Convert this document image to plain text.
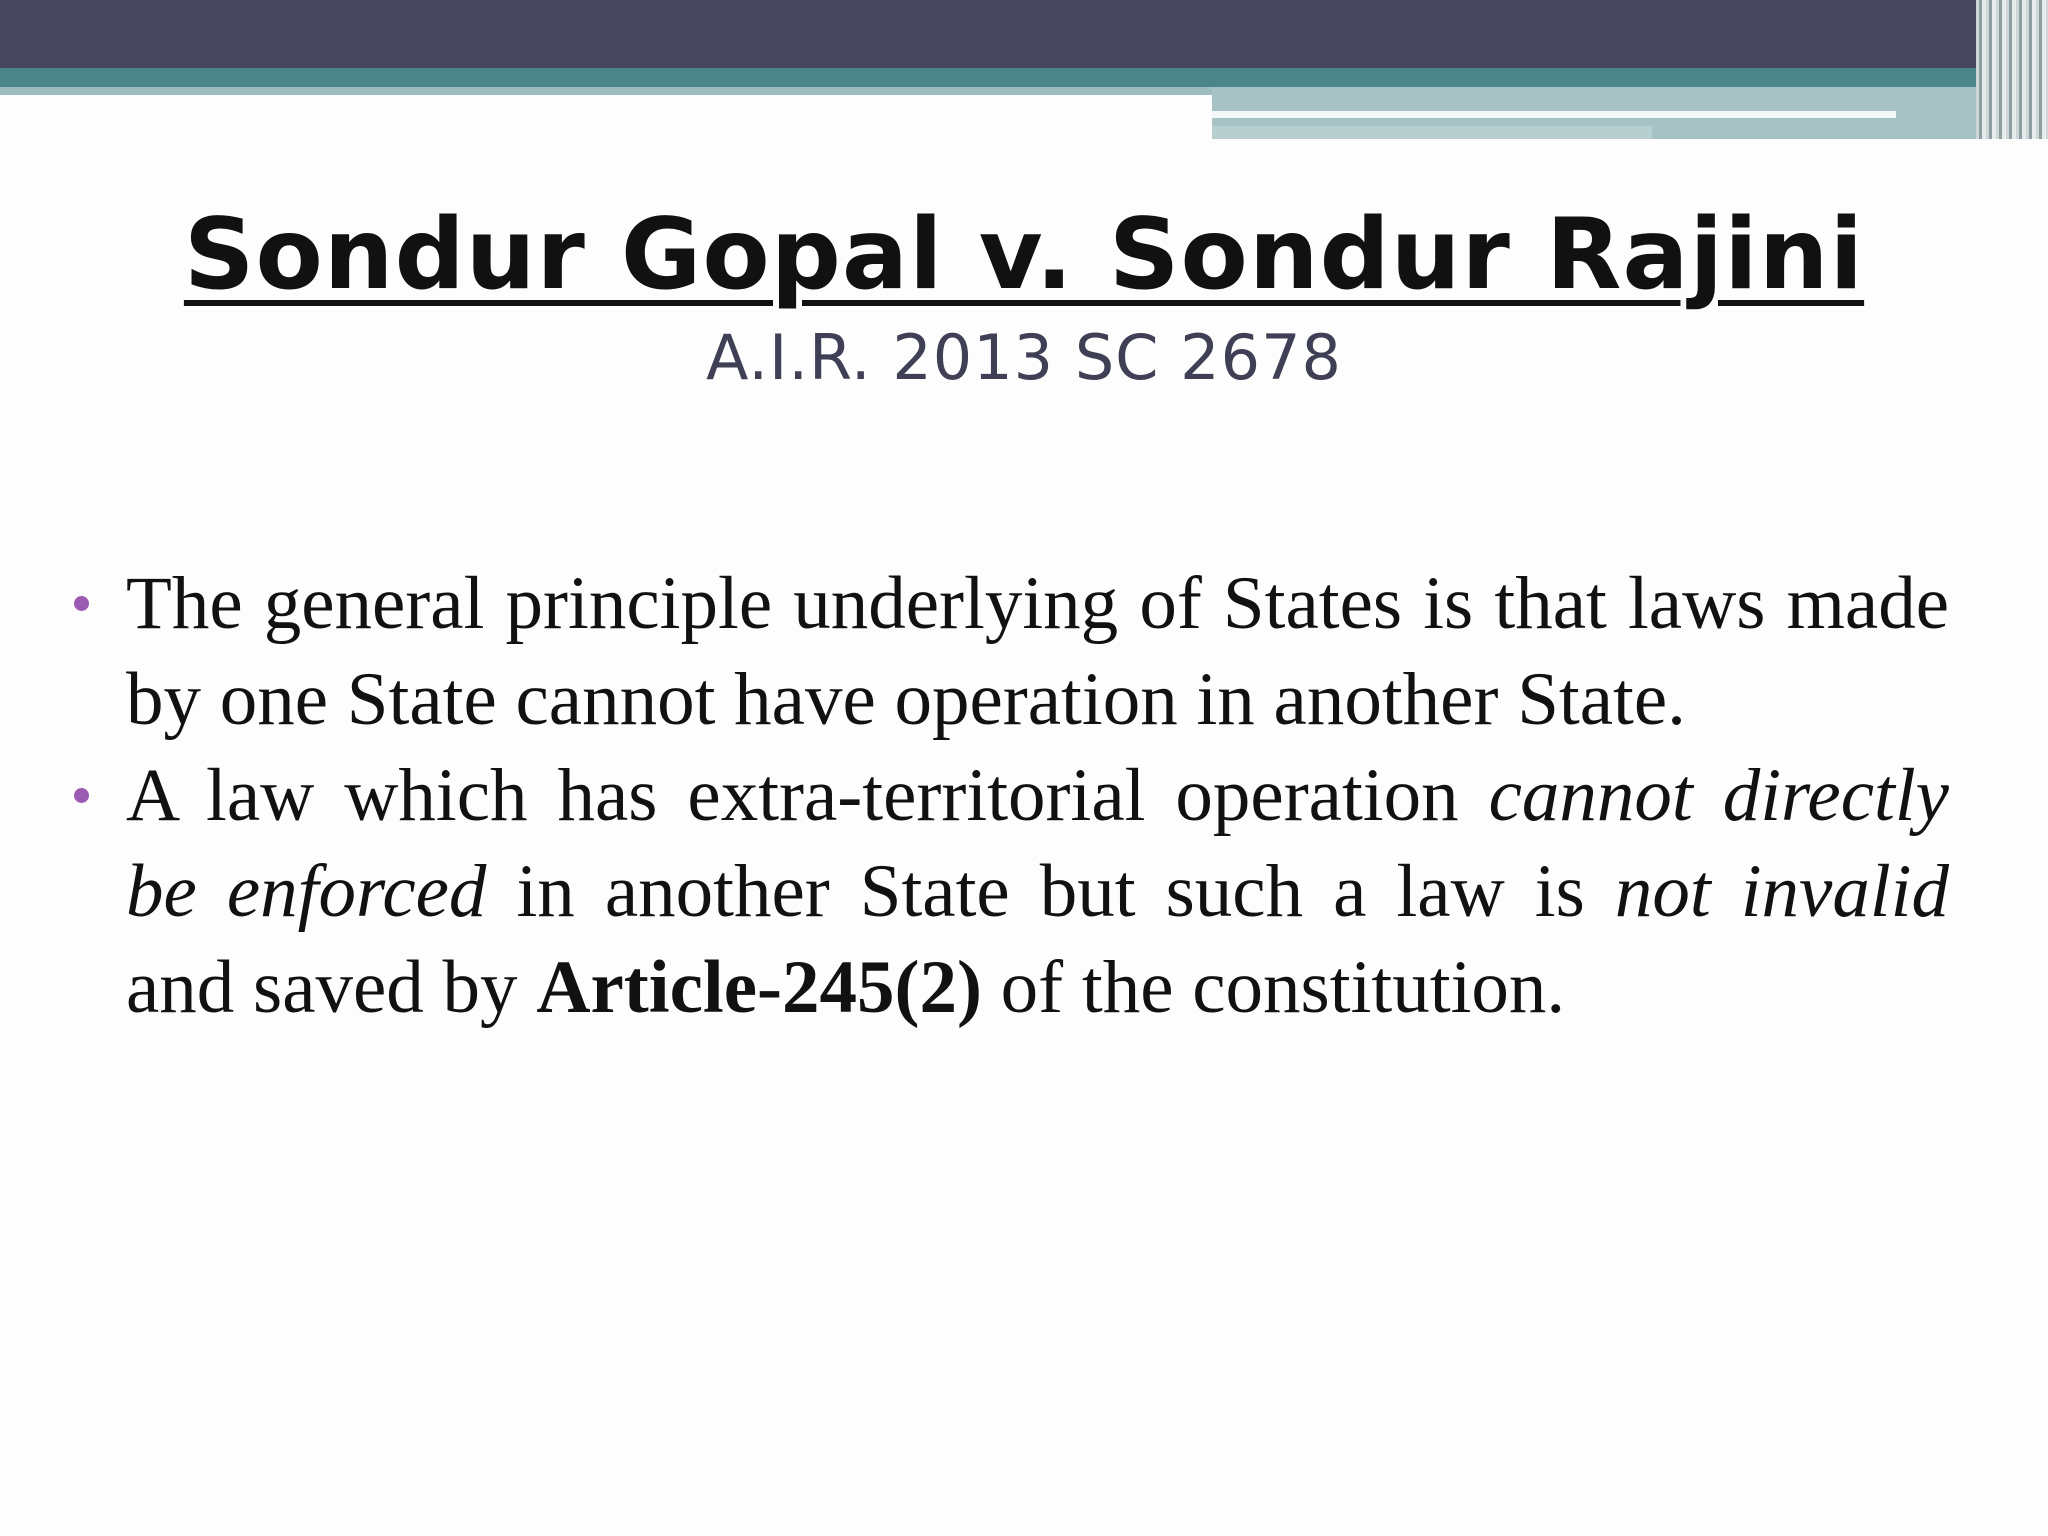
Sondur Gopal v. Sondur Rajini
A.I.R. 2013 SC 2678
The general principle underlying of States is that laws made by one State cannot have operation in another State.
A law which has extra-territorial operation cannot directly be enforced in another State but such a law is not invalid and saved by Article-245(2) of the constitution.
